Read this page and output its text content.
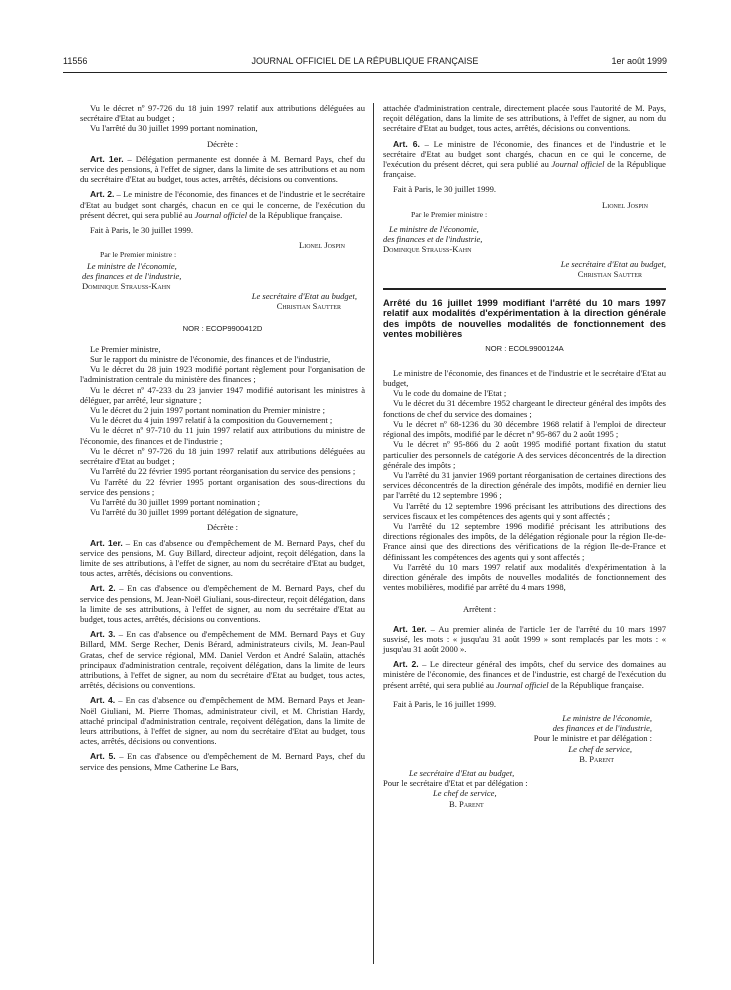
11556	JOURNAL OFFICIEL DE LA RÉPUBLIQUE FRANÇAISE	1er août 1999

Vu le décret nº 97-726 du 18 juin 1997 relatif aux attributions déléguées au secrétaire d'Etat au budget ;

Vu l'arrêté du 30 juillet 1999 portant nomination,

Décrète :

Art. 1er. – Délégation permanente est donnée à M. Bernard Pays, chef du service des pensions, à l'effet de signer, dans la limite de ses attributions et au nom du secrétaire d'Etat au budget, tous actes, arrêtés, décisions ou conventions.

Art. 2. – Le ministre de l'économie, des finances et de l'industrie et le secrétaire d'Etat au budget sont chargés, chacun en ce qui le concerne, de l'exécution du présent décret, qui sera publié au Journal officiel de la République française.

Fait à Paris, le 30 juillet 1999.

Lionel Jospin

Par le Premier ministre :

Le ministre de l'économie,

des finances et de l'industrie,

Dominique Strauss-Kahn

Le secrétaire d'Etat au budget,

Christian Sautter

NOR : ECOP9900412D

Le Premier ministre,

Sur le rapport du ministre de l'économie, des finances et de l'industrie,

Vu le décret du 28 juin 1923 modifié portant règlement pour l'organisation de l'administration centrale du ministère des finances ;

Vu le décret nº 47-233 du 23 janvier 1947 modifié autorisant les ministres à déléguer, par arrêté, leur signature ;

Vu le décret du 2 juin 1997 portant nomination du Premier ministre ;

Vu le décret du 4 juin 1997 relatif à la composition du Gouvernement ;

Vu le décret nº 97-710 du 11 juin 1997 relatif aux attributions du ministre de l'économie, des finances et de l'industrie ;

Vu le décret nº 97-726 du 18 juin 1997 relatif aux attributions déléguées au secrétaire d'Etat au budget ;

Vu l'arrêté du 22 février 1995 portant réorganisation du service des pensions ;

Vu l'arrêté du 22 février 1995 portant organisation des sous-directions du service des pensions ;

Vu l'arrêté du 30 juillet 1999 portant nomination ;

Vu l'arrêté du 30 juillet 1999 portant délégation de signature,

Décrète :

Art. 1er. – En cas d'absence ou d'empêchement de M. Bernard Pays, chef du service des pensions, M. Guy Billard, directeur adjoint, reçoit délégation, dans la limite de ses attributions, à l'effet de signer, au nom du secrétaire d'Etat au budget, tous actes, arrêtés, décisions ou conventions.

Art. 2. – En cas d'absence ou d'empêchement de M. Bernard Pays, chef du service des pensions, M. Jean-Noël Giuliani, sous-directeur, reçoit délégation, dans la limite de ses attributions, à l'effet de signer, au nom du secrétaire d'Etat au budget, tous actes, arrêtés, décisions ou conventions.

Art. 3. – En cas d'absence ou d'empêchement de MM. Bernard Pays et Guy Billard, MM. Serge Recher, Denis Bérard, administrateurs civils, M. Jean-Paul Gratas, chef de service régional, MM. Daniel Verdon et André Salaün, attachés principaux d'administration centrale, reçoivent délégation, dans la limite de leurs attributions, à l'effet de signer, au nom du secrétaire d'Etat au budget, tous actes, arrêtés, décisions ou conventions.

Art. 4. – En cas d'absence ou d'empêchement de MM. Bernard Pays et Jean-Noël Giuliani, M. Pierre Thomas, administrateur civil, et M. Christian Hardy, attaché principal d'administration centrale, reçoivent délégation, dans la limite de leurs attributions, à l'effet de signer, au nom du secrétaire d'Etat au budget, tous actes, arrêtés, décisions ou conventions.

Art. 5. – En cas d'absence ou d'empêchement de M. Bernard Pays, chef du service des pensions, Mme Catherine Le Bars,

attachée d'administration centrale, directement placée sous l'autorité de M. Pays, reçoit délégation, dans la limite de ses attributions, à l'effet de signer, au nom du secrétaire d'Etat au budget, tous actes, arrêtés, décisions ou conventions.

Art. 6. – Le ministre de l'économie, des finances et de l'industrie et le secrétaire d'Etat au budget sont chargés, chacun en ce qui le concerne, de l'exécution du présent décret, qui sera publié au Journal officiel de la République française.

Fait à Paris, le 30 juillet 1999.

Lionel Jospin

Par le Premier ministre :

Le ministre de l'économie,

des finances et de l'industrie,

Dominique Strauss-Kahn

Le secrétaire d'Etat au budget,

Christian Sautter

Arrêté du 16 juillet 1999 modifiant l'arrêté du 10 mars 1997 relatif aux modalités d'expérimentation à la direction générale des impôts de nouvelles modalités de fonctionnement des ventes mobilières

NOR : ECOL9900124A

Le ministre de l'économie, des finances et de l'industrie et le secrétaire d'Etat au budget,

Vu le code du domaine de l'Etat ;

Vu le décret du 31 décembre 1952 chargeant le directeur général des impôts des fonctions de chef du service des domaines ;

Vu le décret nº 68-1236 du 30 décembre 1968 relatif à l'emploi de directeur régional des impôts, modifié par le décret nº 95-867 du 2 août 1995 ;

Vu le décret nº 95-866 du 2 août 1995 modifié portant fixation du statut particulier des personnels de catégorie A des services déconcentrés de la direction générale des impôts ;

Vu l'arrêté du 31 janvier 1969 portant réorganisation de certaines directions des services déconcentrés de la direction générale des impôts, modifié en dernier lieu par l'arrêté du 12 septembre 1996 ;

Vu l'arrêté du 12 septembre 1996 précisant les attributions des directions des services fiscaux et les compétences des agents qui y sont affectés ;

Vu l'arrêté du 12 septembre 1996 modifié précisant les attributions des directions régionales des impôts, de la délégation régionale pour la région Ile-de-France ainsi que des directions des vérifications de la région Ile-de-France et définissant les compétences des agents qui y sont affectés ;

Vu l'arrêté du 10 mars 1997 relatif aux modalités d'expérimentation à la direction générale des impôts de nouvelles modalités de fonctionnement des ventes mobilières, modifié par arrêté du 4 mars 1998,

Arrêtent :

Art. 1er. – Au premier alinéa de l'article 1er de l'arrêté du 10 mars 1997 susvisé, les mots : « jusqu'au 31 août 1999 » sont remplacés par les mots : « jusqu'au 31 août 2000 ».

Art. 2. – Le directeur général des impôts, chef du service des domaines au ministère de l'économie, des finances et de l'industrie, est chargé de l'exécution du présent arrêté, qui sera publié au Journal officiel de la République française.

Fait à Paris, le 16 juillet 1999.

Le ministre de l'économie,

des finances et de l'industrie,

Pour le ministre et par délégation :

Le chef de service,

B. Parent

Le secrétaire d'Etat au budget,

Pour le secrétaire d'Etat et par délégation :

Le chef de service,

B. Parent
